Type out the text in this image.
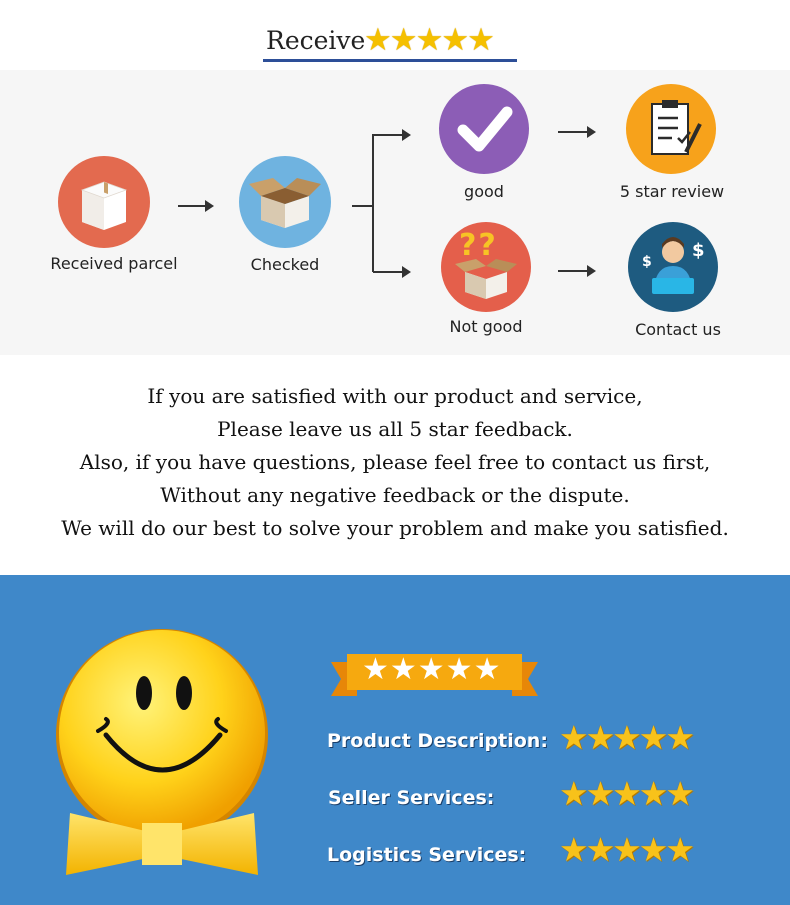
Receive
★★★★★
Received parcel	Checked
good	5 star review
??
Not good
$
$
Contact us
If you are satisfied with our product and service,
Please leave us all 5 star feedback.
Also, if you have questions, please feel free to contact us first,
Without any negative feedback or the dispute.
We will do our best to solve your problem and make you satisfied.
★★★★★
Product Description: ★★★★★
Seller Services: ★★★★★
Logistics Services: ★★★★★
